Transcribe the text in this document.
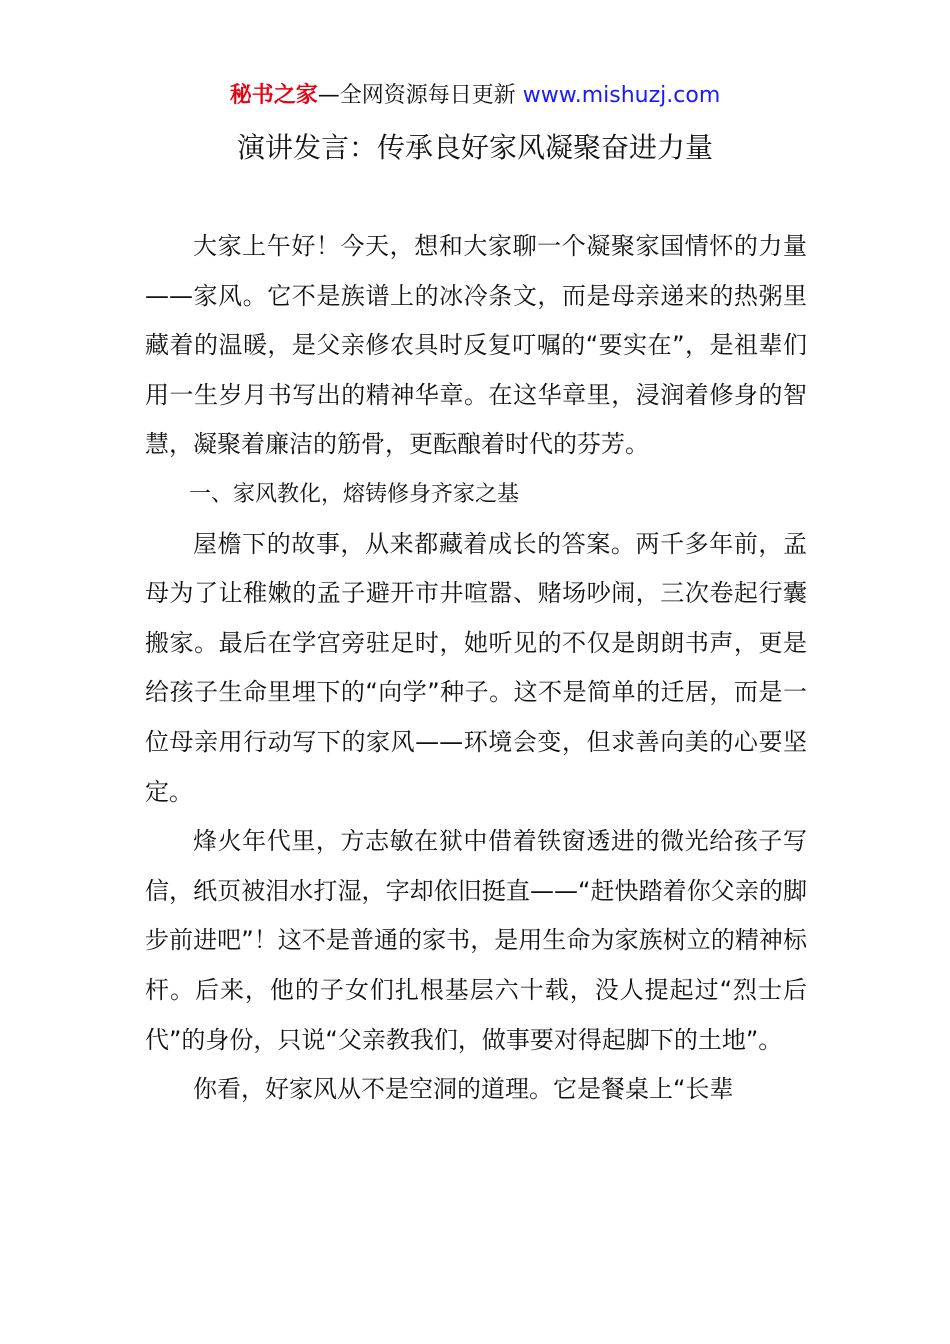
秘书之家—全网资源每日更新 www.mishuzj.com
演讲发言：传承良好家风凝聚奋进力量

大家上午好！今天，想和大家聊一个凝聚家国情怀的力量——家风。它不是族谱上的冰冷条文，而是母亲递来的热粥里藏着的温暖，是父亲修农具时反复叮嘱的“要实在”，是祖辈们用一生岁月书写出的精神华章。在这华章里，浸润着修身的智慧，凝聚着廉洁的筋骨，更酝酿着时代的芬芳。

一、家风教化，熔铸修身齐家之基

屋檐下的故事，从来都藏着成长的答案。两千多年前，孟母为了让稚嫩的孟子避开市井喧嚣、赌场吵闹，三次卷起行囊搬家。最后在学宫旁驻足时，她听见的不仅是朗朗书声，更是给孩子生命里埋下的“向学”种子。这不是简单的迁居，而是一位母亲用行动写下的家风——环境会变，但求善向美的心要坚定。

烽火年代里，方志敏在狱中借着铁窗透进的微光给孩子写信，纸页被泪水打湿，字却依旧挺直——“赶快踏着你父亲的脚步前进吧”！这不是普通的家书，是用生命为家族树立的精神标杆。后来，他的子女们扎根基层六十载，没人提起过“烈士后代”的身份，只说“父亲教我们，做事要对得起脚下的土地”。

你看，好家风从不是空洞的道理。它是餐桌上“长辈
